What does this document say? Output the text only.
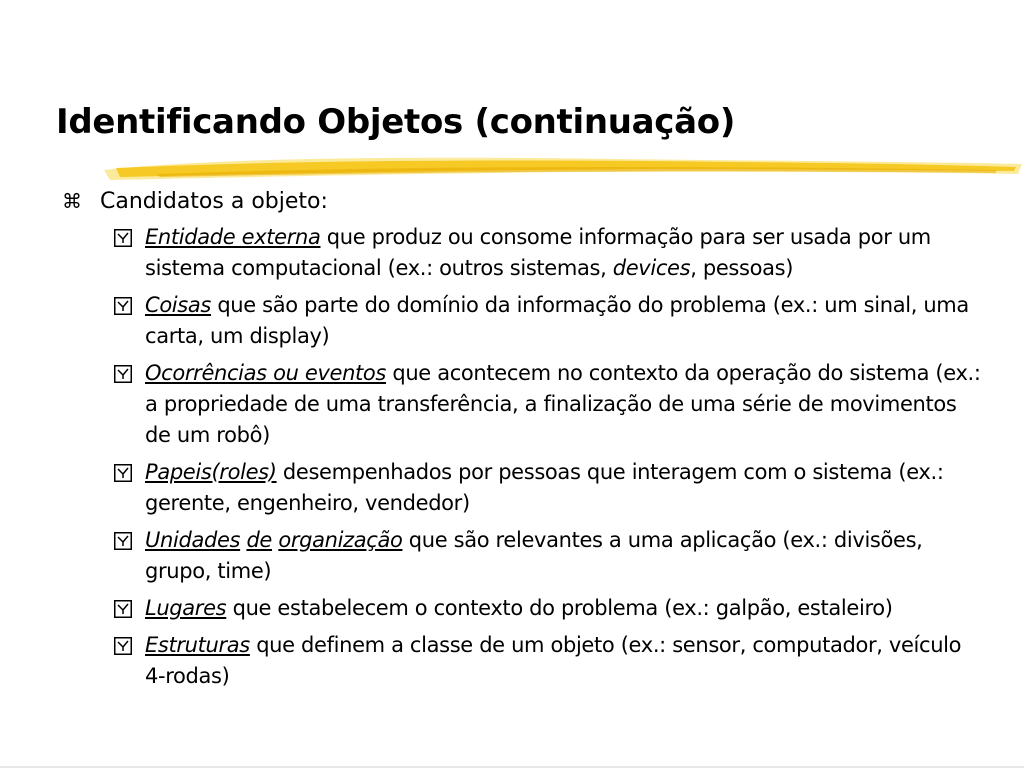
Identificando Objetos (continuação)
⌘ Candidatos a objeto:
Entidade externa que produz ou consome informação para ser usada por um sistema computacional (ex.: outros sistemas, devices, pessoas)
Coisas que são parte do domínio da informação do problema (ex.: um sinal, uma carta, um display)
Ocorrências ou eventos que acontecem no contexto da operação do sistema (ex.: a propriedade de uma transferência, a finalização de uma série de movimentos de um robô)
Papeis(roles) desempenhados por pessoas que interagem com o sistema (ex.: gerente, engenheiro, vendedor)
Unidades de organização que são relevantes a uma aplicação (ex.: divisões, grupo, time)
Lugares que estabelecem o contexto do problema (ex.: galpão, estaleiro)
Estruturas que definem a classe de um objeto (ex.: sensor, computador, veículo 4-rodas)
